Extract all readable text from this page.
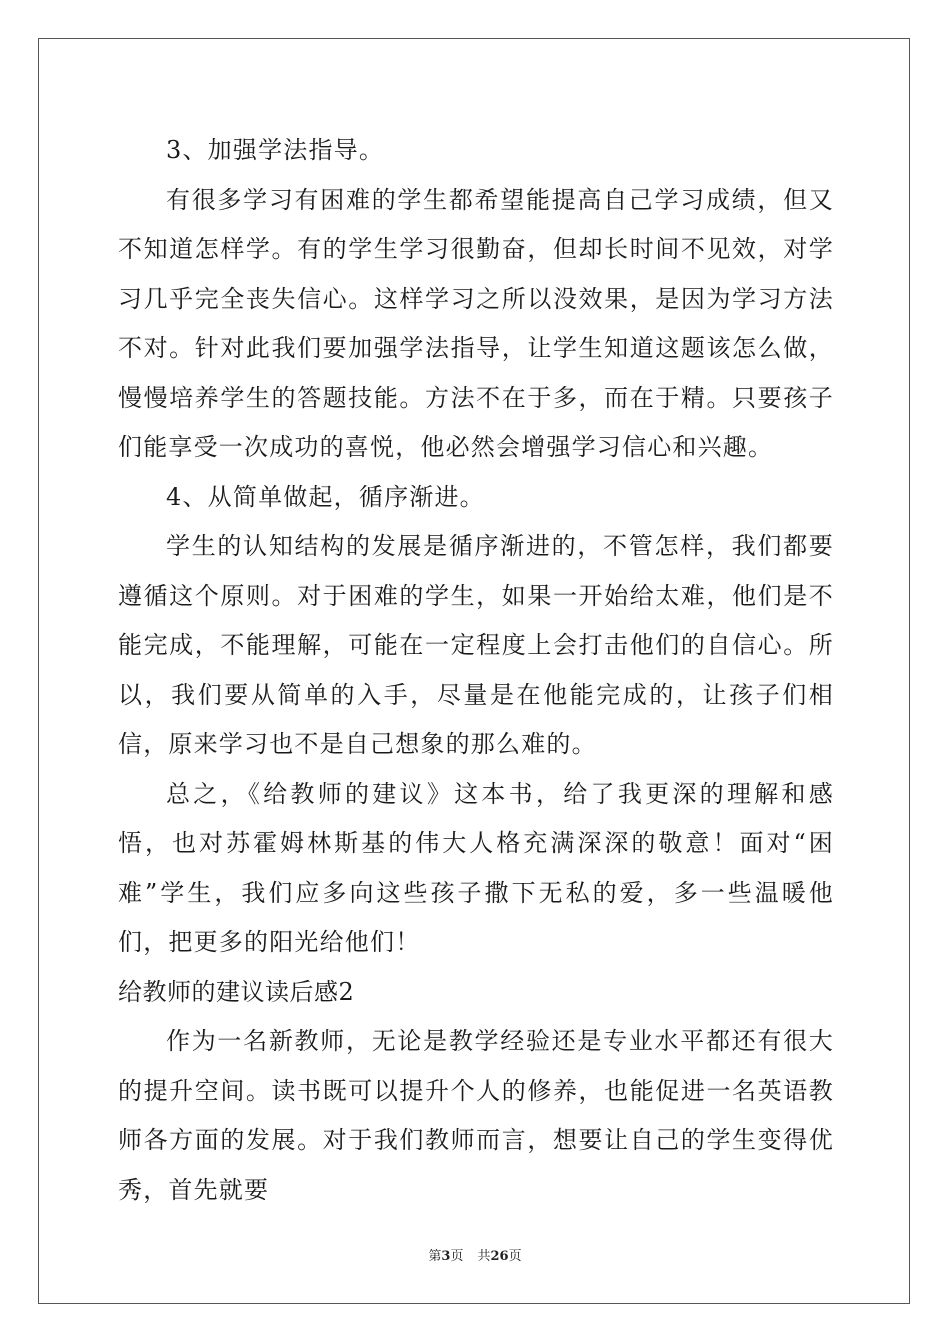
3、加强学法指导。

有很多学习有困难的学生都希望能提高自己学习成绩，但又不知道怎样学。有的学生学习很勤奋，但却长时间不见效，对学习几乎完全丧失信心。这样学习之所以没效果，是因为学习方法不对。针对此我们要加强学法指导，让学生知道这题该怎么做，慢慢培养学生的答题技能。方法不在于多，而在于精。只要孩子们能享受一次成功的喜悦，他必然会增强学习信心和兴趣。

4、从简单做起，循序渐进。

学生的认知结构的发展是循序渐进的，不管怎样，我们都要遵循这个原则。对于困难的学生，如果一开始给太难，他们是不能完成，不能理解，可能在一定程度上会打击他们的自信心。所以，我们要从简单的入手，尽量是在他能完成的，让孩子们相信，原来学习也不是自己想象的那么难的。

总之，《给教师的建议》这本书，给了我更深的理解和感悟，也对苏霍姆林斯基的伟大人格充满深深的敬意！面对“困难”学生，我们应多向这些孩子撒下无私的爱，多一些温暖他们，把更多的阳光给他们！

给教师的建议读后感2

作为一名新教师，无论是教学经验还是专业水平都还有很大的提升空间。读书既可以提升个人的修养，也能促进一名英语教师各方面的发展。对于我们教师而言，想要让自己的学生变得优秀，首先就要

第3页 共26页
